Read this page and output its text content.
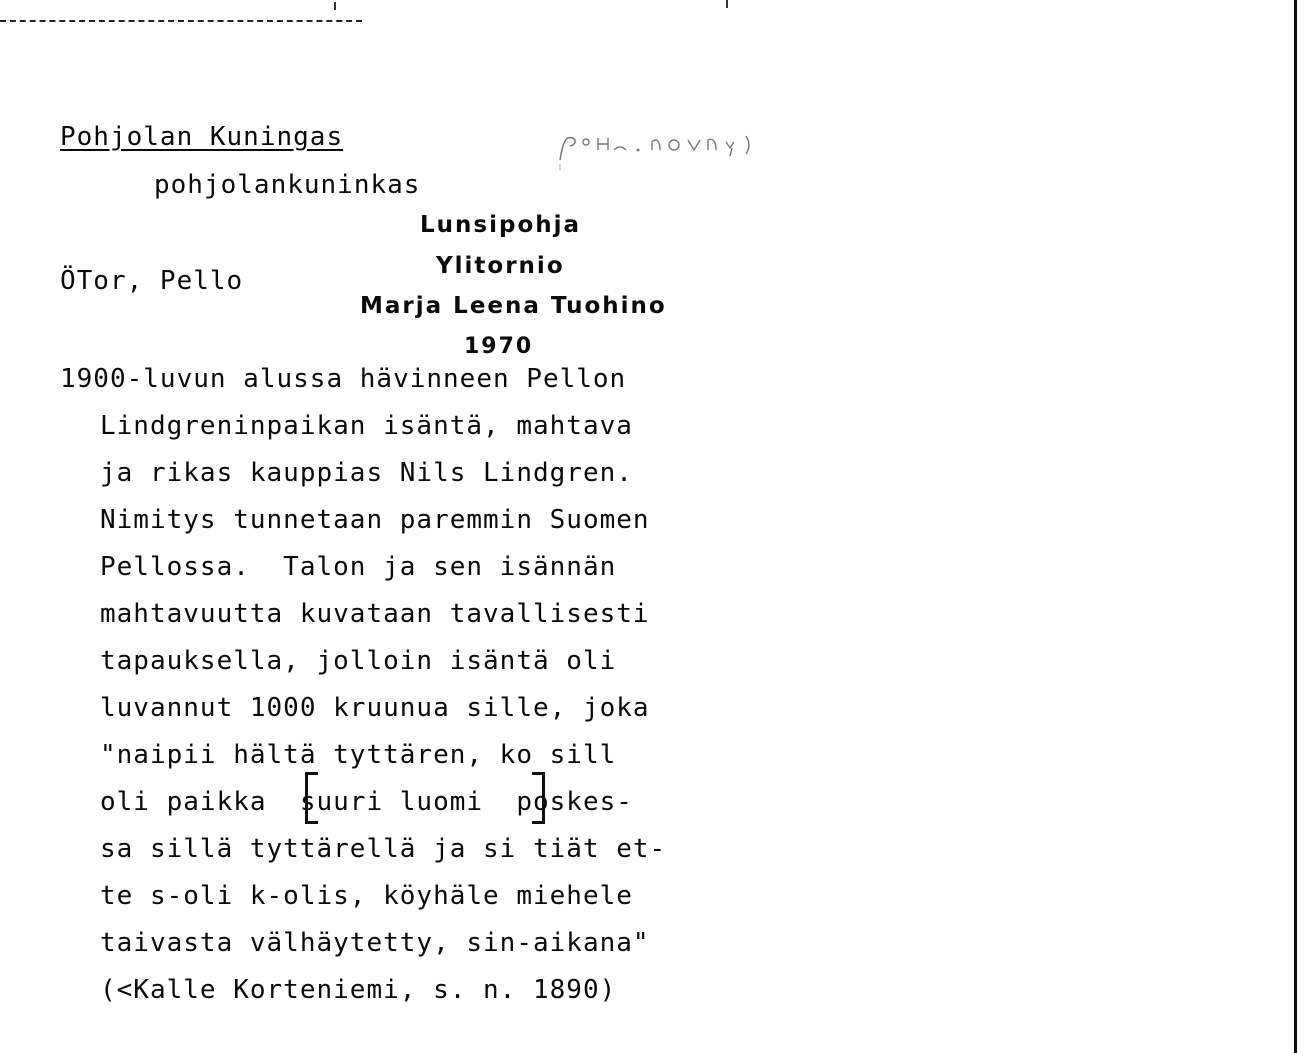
Pohjolan Kuningas
pohjolankuninkas
Lunsipohja
Ylitornio
ÖTor, Pello
Marja Leena Tuohino
1970
1900-luvun alussa hävinneen Pellon
Lindgreninpaikan isäntä, mahtava
ja rikas kauppias Nils Lindgren.
Nimitys tunnetaan paremmin Suomen
Pellossa.  Talon ja sen isännän
mahtavuutta kuvataan tavallisesti
tapauksella, jolloin isäntä oli
luvannut 1000 kruunua sille, joka
"naipii hältä tyttären, ko sill
oli paikka  suuri luomi  poskes-
sa sillä tyttärellä ja si tiät et-
te s-oli k-olis, köyhäle miehele
taivasta välhäytetty, sin-aikana"
(<Kalle Korteniemi, s. n. 1890)
